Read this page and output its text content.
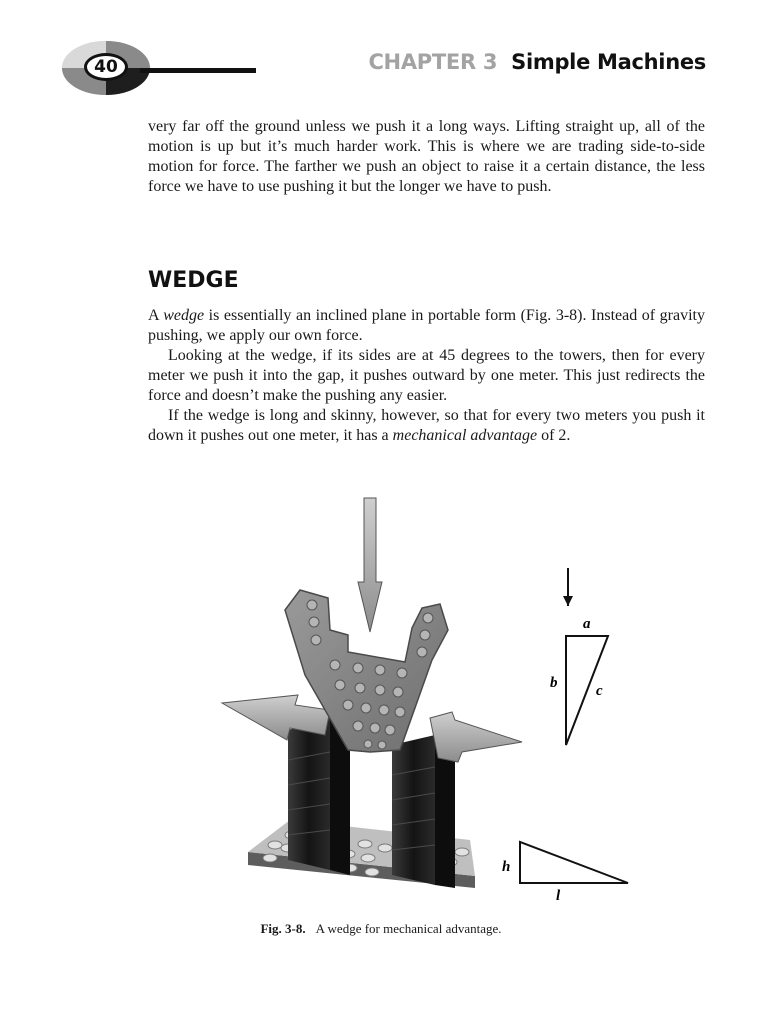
40	CHAPTER 3 Simple Machines

very far off the ground unless we push it a long ways. Lifting straight up, all of the motion is up but it’s much harder work. This is where we are trading side-to-side motion for force. The farther we push an object to raise it a certain distance, the less force we have to use pushing it but the longer we have to push.

WEDGE

A wedge is essentially an inclined plane in portable form (Fig. 3-8). Instead of gravity pushing, we apply our own force.

Looking at the wedge, if its sides are at 45 degrees to the towers, then for every meter we push it into the gap, it pushes outward by one meter. This just redirects the force and doesn’t make the pushing any easier.

If the wedge is long and skinny, however, so that for every two meters you push it down it pushes out one meter, it has a mechanical advantage of 2.

a
b	c
h
l
Fig. 3-8. A wedge for mechanical advantage.
